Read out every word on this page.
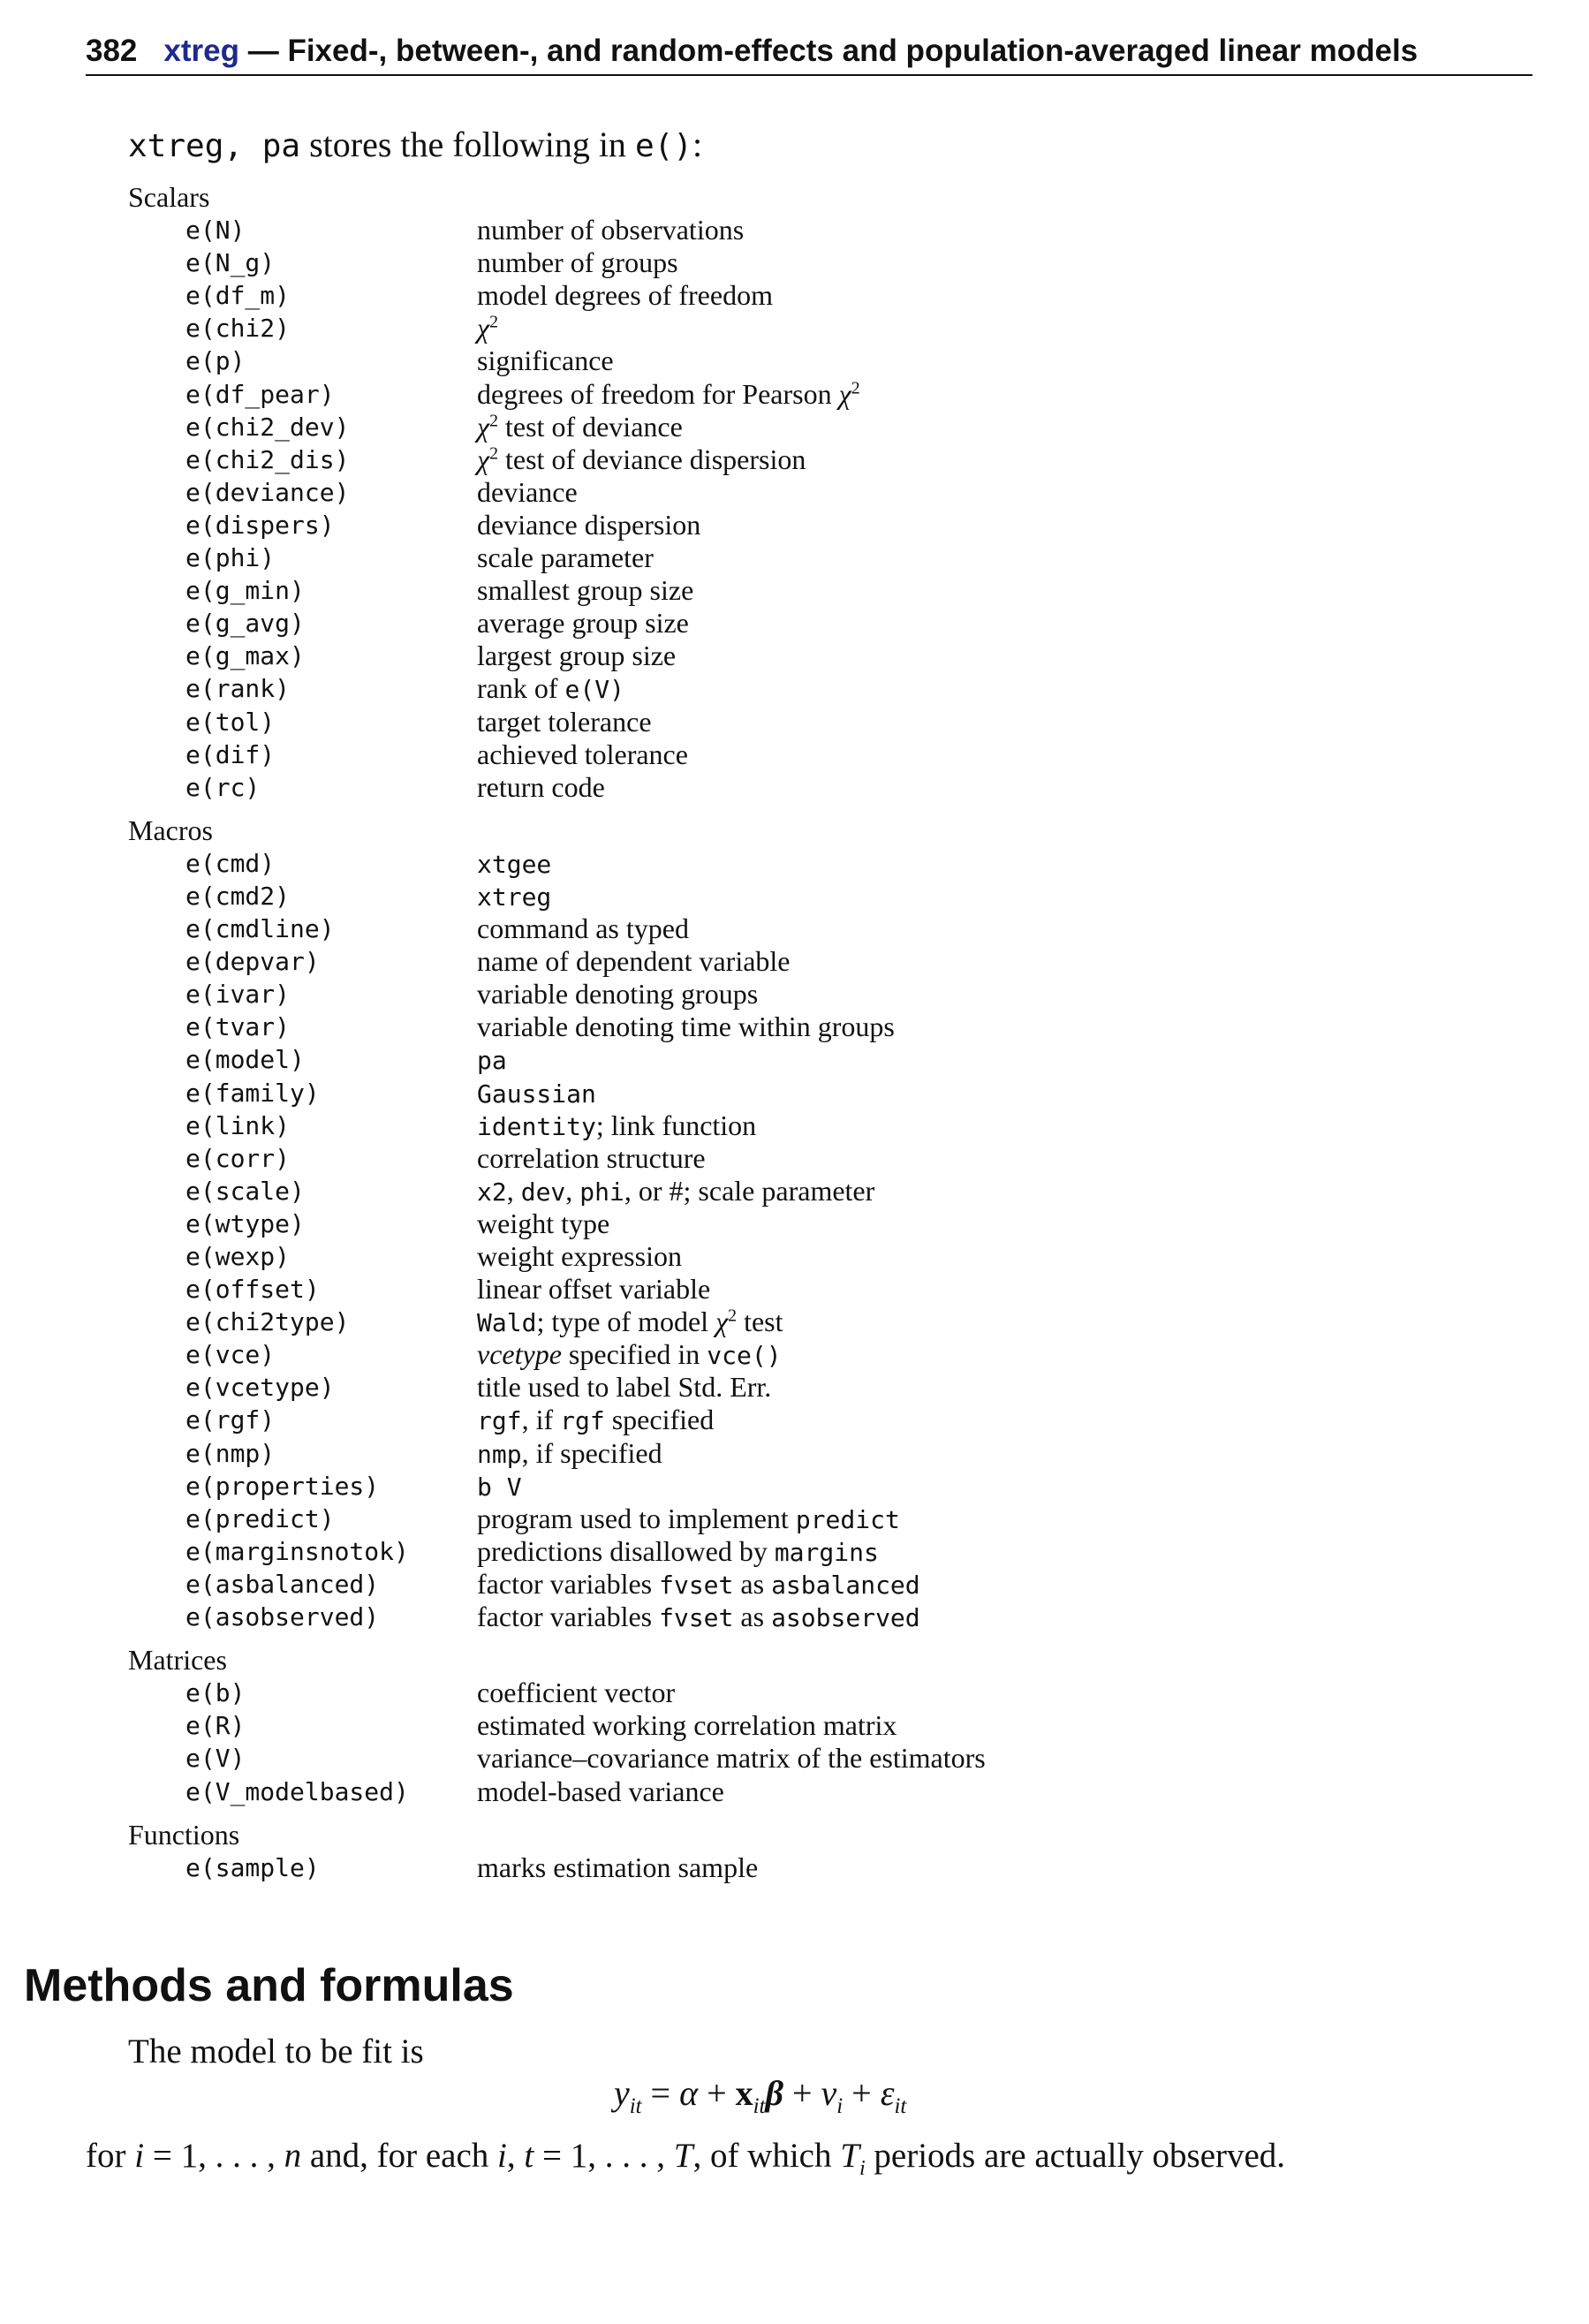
382 xtreg — Fixed-, between-, and random-effects and population-averaged linear models
xtreg, pa stores the following in e():
Scalars
e(N)	number of observations
e(N_g)	number of groups
e(df_m)	model degrees of freedom
e(chi2)	$\chi^2$
e(p)	significance
e(df_pear)	degrees of freedom for Pearson $\chi^2$
e(chi2_dev)	$\chi^2$ test of deviance
e(chi2_dis)	$\chi^2$ test of deviance dispersion
e(deviance)	deviance
e(dispers)	deviance dispersion
e(phi)	scale parameter
e(g_min)	smallest group size
e(g_avg)	average group size
e(g_max)	largest group size
e(rank)	rank of e(V)
e(tol)	target tolerance
e(dif)	achieved tolerance
e(rc)	return code
Macros
e(cmd)	xtgee
e(cmd2)	xtreg
e(cmdline)	command as typed
e(depvar)	name of dependent variable
e(ivar)	variable denoting groups
e(tvar)	variable denoting time within groups
e(model)	pa
e(family)	Gaussian
e(link)	identity; link function
e(corr)	correlation structure
e(scale)	x2, dev, phi, or #; scale parameter
e(wtype)	weight type
e(wexp)	weight expression
e(offset)	linear offset variable
e(chi2type)	Wald; type of model $\chi^2$ test
e(vce)	vcetype specified in vce()
e(vcetype)	title used to label Std. Err.
e(rgf)	rgf, if rgf specified
e(nmp)	nmp, if specified
e(properties)	b V
e(predict)	program used to implement predict
e(marginsnotok)	predictions disallowed by margins
e(asbalanced)	factor variables fvset as asbalanced
e(asobserved)	factor variables fvset as asobserved
Matrices
e(b)	coefficient vector
e(R)	estimated working correlation matrix
e(V)	variance–covariance matrix of the estimators
e(V_modelbased)	model-based variance
Functions
e(sample)	marks estimation sample
Methods and formulas
The model to be fit is
$y_{it} = \alpha + x_{it}\beta + \nu_i + \varepsilon_{it}$
for i = 1, . . . , n and, for each i, t = 1, . . . , T, of which $T_i$ periods are actually observed.
